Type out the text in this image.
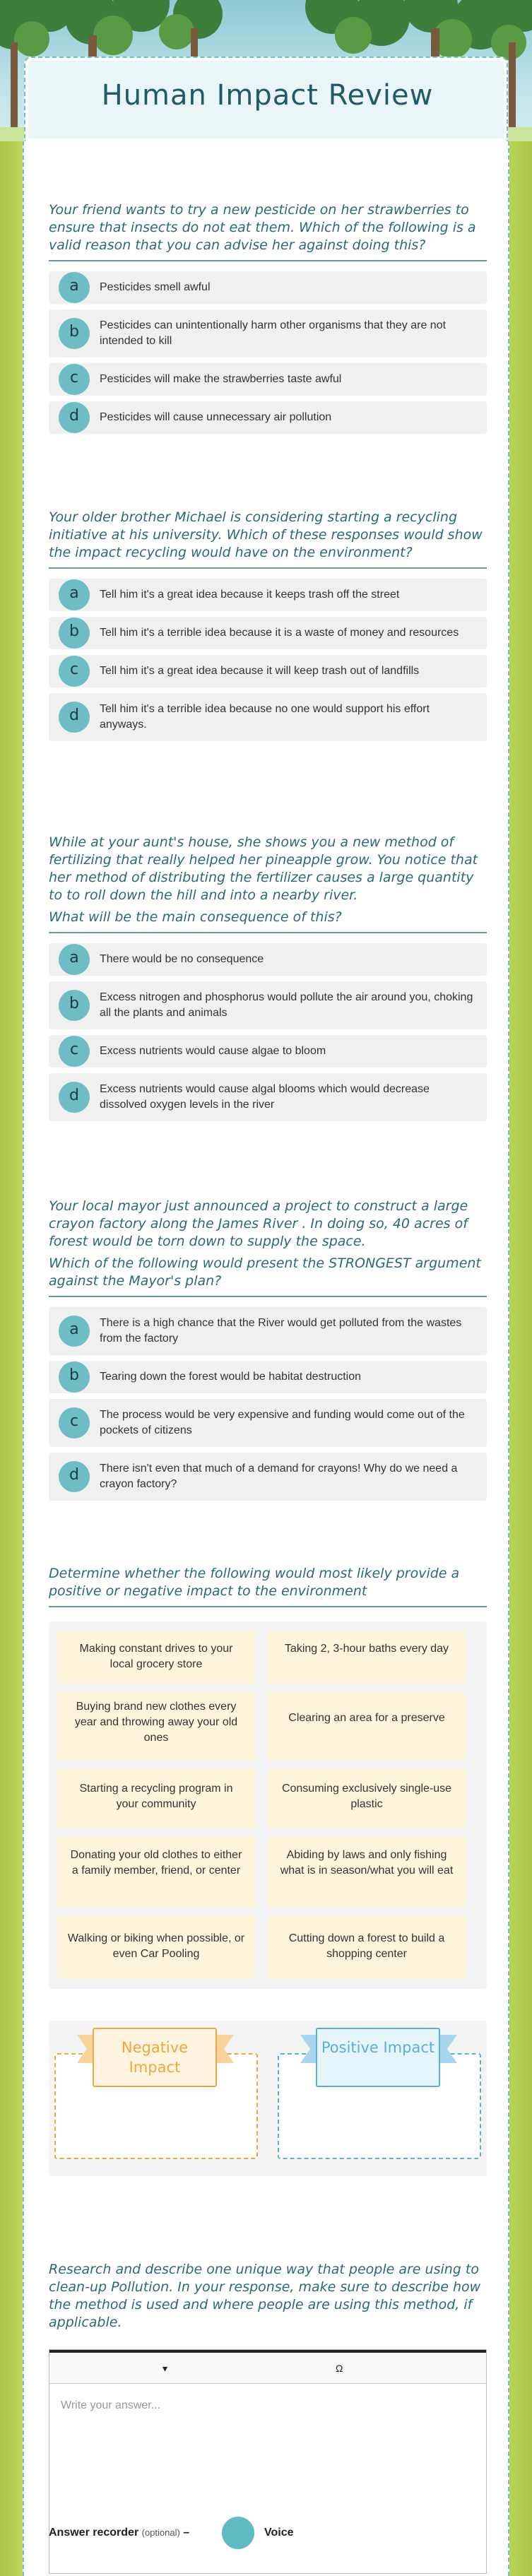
Human Impact Review
Your friend wants to try a new pesticide on her strawberries to ensure that insects do not eat them. Which of the following is a valid reason that you can advise her against doing this?
a	Pesticides smell awful
b	Pesticides can unintentionally harm other organisms that they are not intended to kill
c	Pesticides will make the strawberries taste awful
d	Pesticides will cause unnecessary air pollution
Your older brother Michael is considering starting a recycling initiative at his university. Which of these responses would show the impact recycling would have on the environment?
a	Tell him it's a great idea because it keeps trash off the street
b	Tell him it's a terrible idea because it is a waste of money and resources
c	Tell him it's a great idea because it will keep trash out of landfills
d	Tell him it's a terrible idea because no one would support his effort anyways.
While at your aunt's house, she shows you a new method of fertilizing that really helped her pineapple grow. You notice that her method of distributing the fertilizer causes a large quantity to to roll down the hill and into a nearby river.
What will be the main consequence of this?
a	There would be no consequence
b	Excess nitrogen and phosphorus would pollute the air around you, choking all the plants and animals
c	Excess nutrients would cause algae to bloom
d	Excess nutrients would cause algal blooms which would decrease dissolved oxygen levels in the river
Your local mayor just announced a project to construct a large crayon factory along the James River . In doing so, 40 acres of forest would be torn down to supply the space.
Which of the following would present the STRONGEST argument against the Mayor's plan?
a	There is a high chance that the River would get polluted from the wastes from the factory
b	Tearing down the forest would be habitat destruction
c	The process would be very expensive and funding would come out of the pockets of citizens
d	There isn't even that much of a demand for crayons! Why do we need a crayon factory?
Determine whether the following would most likely provide a positive or negative impact to the environment
Making constant drives to your local grocery store
Taking 2, 3-hour baths every day
Buying brand new clothes every year and throwing away your old ones
Clearing an area for a preserve
Starting a recycling program in your community
Consuming exclusively single-use plastic
Donating your old clothes to either a family member, friend, or center
Abiding by laws and only fishing what is in season/what you will eat
Walking or biking when possible, or even Car Pooling
Cutting down a forest to build a shopping center
Negative Impact
Positive Impact
Research and describe one unique way that people are using to clean-up Pollution. In your response, make sure to describe how the method is used and where people are using this method, if applicable.
▾	Ω
Write your answer...
Answer recorder (optional) –	Voice
